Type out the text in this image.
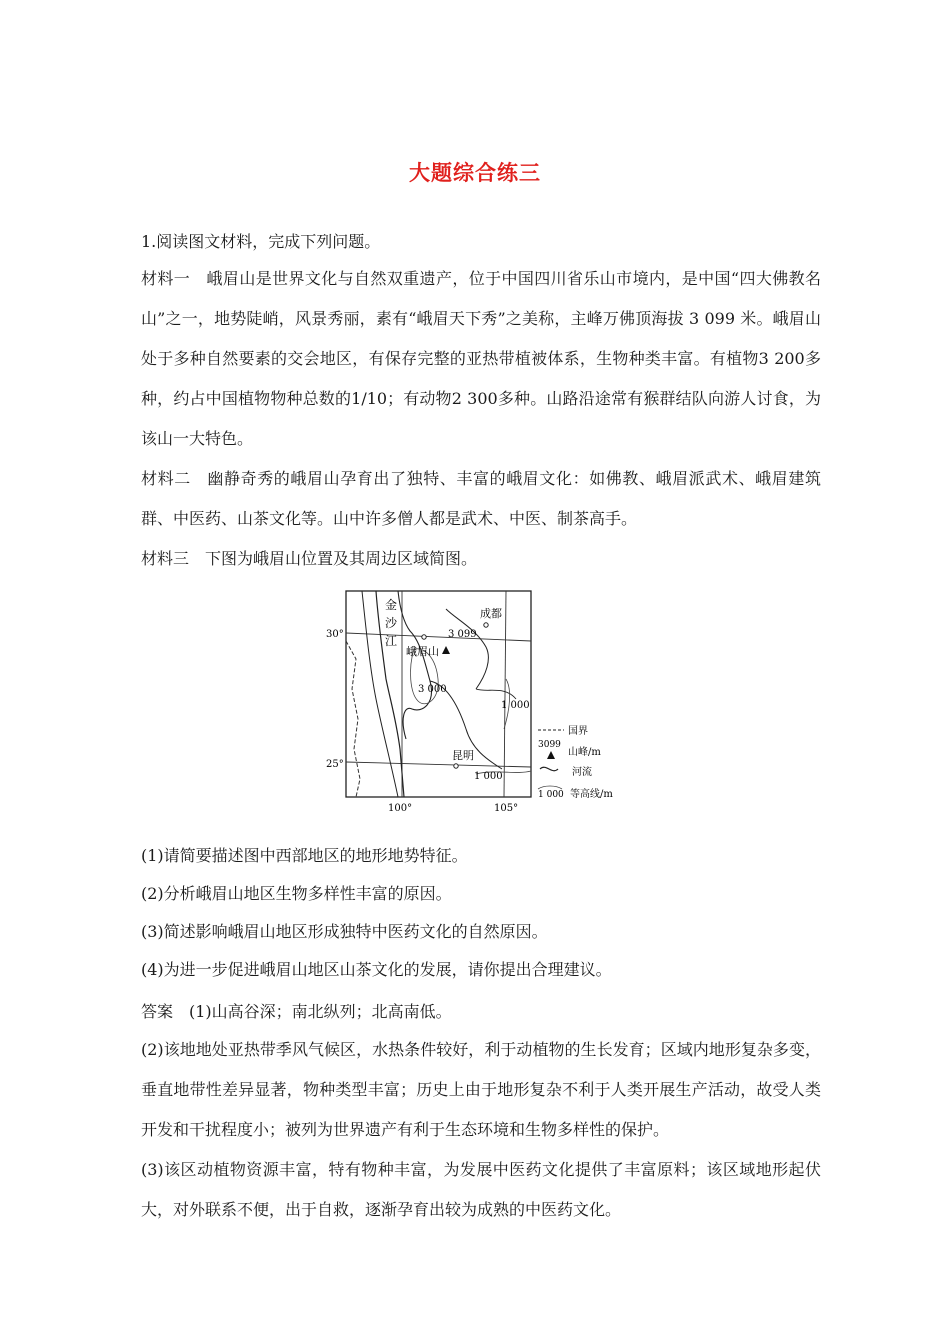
大题综合练三

1.阅读图文材料，完成下列问题。

材料一　峨眉山是世界文化与自然双重遗产，位于中国四川省乐山市境内，是中国“四大佛教名山”之一，地势陡峭，风景秀丽，素有“峨眉天下秀”之美称，主峰万佛顶海拔 3 099 米。峨眉山处于多种自然要素的交会地区，有保存完整的亚热带植被体系，生物种类丰富。有植物3 200多种，约占中国植物物种总数的1/10；有动物2 300多种。山路沿途常有猴群结队向游人讨食，为该山一大特色。

材料二　幽静奇秀的峨眉山孕育出了独特、丰富的峨眉文化：如佛教、峨眉派武术、峨眉建筑群、中医药、山茶文化等。山中许多僧人都是武术、中医、制茶高手。

材料三　下图为峨眉山位置及其周边区域简图。

30°
25°
100°	105°
金
沙
江
成都
3 099
峨眉山
3 000
1 000
昆明
1 000
国界
3099
山峰/m
河流
1 000 等高线/m

(1)请简要描述图中西部地区的地形地势特征。

(2)分析峨眉山地区生物多样性丰富的原因。

(3)简述影响峨眉山地区形成独特中医药文化的自然原因。

(4)为进一步促进峨眉山地区山茶文化的发展，请你提出合理建议。

答案　(1)山高谷深；南北纵列；北高南低。

(2)该地地处亚热带季风气候区，水热条件较好，利于动植物的生长发育；区域内地形复杂多变，垂直地带性差异显著，物种类型丰富；历史上由于地形复杂不利于人类开展生产活动，故受人类开发和干扰程度小；被列为世界遗产有利于生态环境和生物多样性的保护。

(3)该区动植物资源丰富，特有物种丰富，为发展中医药文化提供了丰富原料；该区域地形起伏大，对外联系不便，出于自救，逐渐孕育出较为成熟的中医药文化。
